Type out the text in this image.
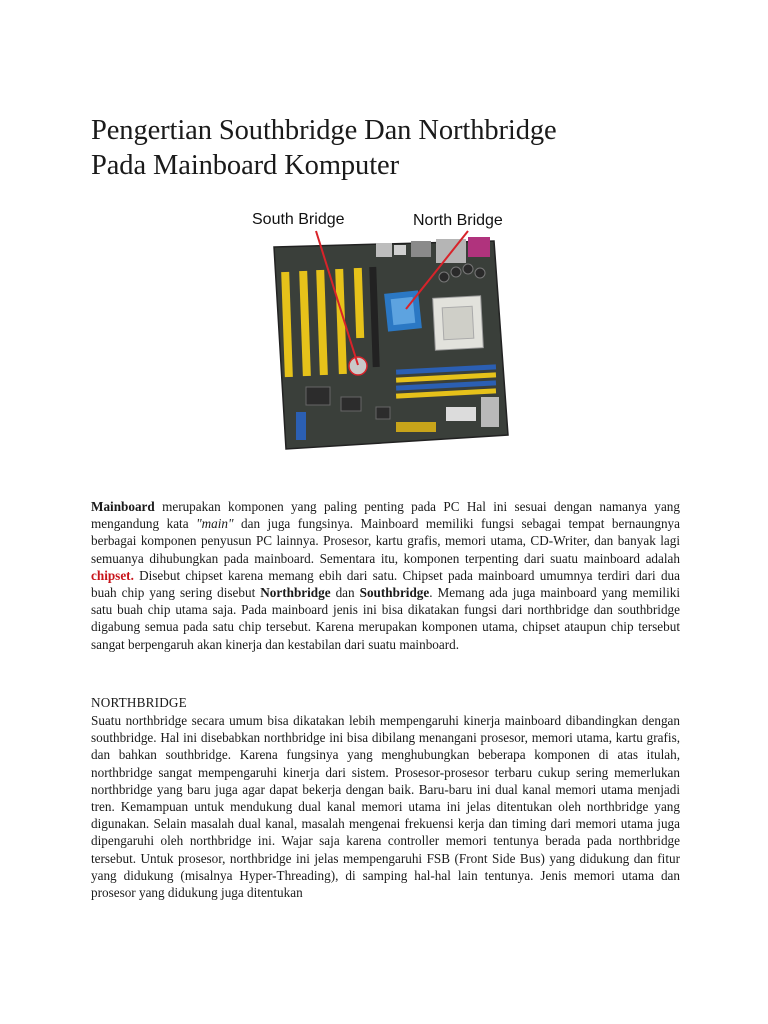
Pengertian Southbridge Dan Northbridge
Pada Mainboard Komputer
South Bridge	North Bridge

Mainboard merupakan komponen yang paling penting pada PC Hal ini sesuai dengan namanya yang mengandung kata "main" dan juga fungsinya. Mainboard memiliki fungsi sebagai tempat bernaungnya berbagai komponen penyusun PC lainnya. Prosesor, kartu grafis, memori utama, CD-Writer, dan banyak lagi semuanya dihubungkan pada mainboard. Sementara itu, komponen terpenting dari suatu mainboard adalah chipset. Disebut chipset karena memang ebih dari satu. Chipset pada mainboard umumnya terdiri dari dua buah chip yang sering disebut Northbridge dan Southbridge. Memang ada juga mainboard yang memiliki satu buah chip utama saja. Pada mainboard jenis ini bisa dikatakan fungsi dari northbridge dan southbridge digabung semua pada satu chip tersebut. Karena merupakan komponen utama, chipset ataupun chip tersebut sangat berpengaruh akan kinerja dan kestabilan dari suatu mainboard.

NORTHBRIDGE

Suatu northbridge secara umum bisa dikatakan lebih mempengaruhi kinerja mainboard dibandingkan dengan southbridge. Hal ini disebabkan northbridge ini bisa dibilang menangani prosesor, memori utama, kartu grafis, dan bahkan southbridge. Karena fungsinya yang menghubungkan beberapa komponen di atas itulah, northbridge sangat mempengaruhi kinerja dari sistem. Prosesor-prosesor terbaru cukup sering memerlukan northbridge yang baru juga agar dapat bekerja dengan baik. Baru-baru ini dual kanal memori utama menjadi tren. Kemampuan untuk mendukung dual kanal memori utama ini jelas ditentukan oleh northbridge yang digunakan. Selain masalah dual kanal, masalah mengenai frekuensi kerja dan timing dari memori utama juga dipengaruhi oleh northbridge ini. Wajar saja karena controller memori tentunya berada pada northbridge tersebut. Untuk prosesor, northbridge ini jelas mempengaruhi FSB (Front Side Bus) yang didukung dan fitur yang didukung (misalnya Hyper-Threading), di samping hal-hal lain tentunya. Jenis memori utama dan prosesor yang didukung juga ditentukan
